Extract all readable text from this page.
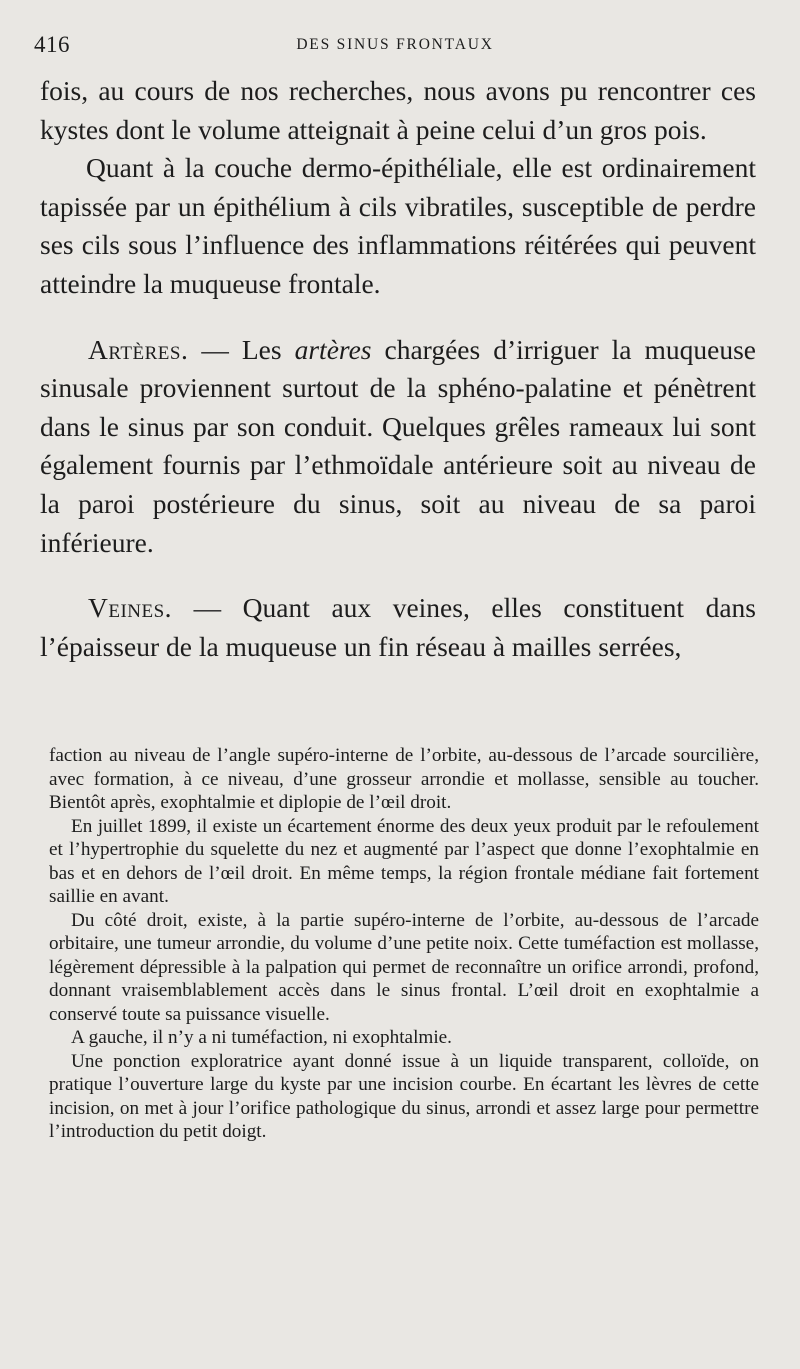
416	DES SINUS FRONTAUX

fois, au cours de nos recherches, nous avons pu rencontrer ces kystes dont le volume atteignait à peine celui d’un gros pois.

Quant à la couche dermo-épithéliale, elle est ordinairement tapissée par un épithélium à cils vibratiles, susceptible de perdre ses cils sous l’influence des inflammations réitérées qui peuvent atteindre la muqueuse frontale.

Artères. — Les artères chargées d’irriguer la muqueuse sinusale proviennent surtout de la sphéno-palatine et pénètrent dans le sinus par son conduit. Quelques grêles rameaux lui sont également fournis par l’ethmoïdale antérieure soit au niveau de la paroi postérieure du sinus, soit au niveau de sa paroi inférieure.

Veines. — Quant aux veines, elles constituent dans l’épaisseur de la muqueuse un fin réseau à mailles serrées,

faction au niveau de l’angle supéro-interne de l’orbite, au-dessous de l’arcade sourcilière, avec formation, à ce niveau, d’une grosseur arrondie et mollasse, sensible au toucher. Bientôt après, exophtalmie et diplopie de l’œil droit.

En juillet 1899, il existe un écartement énorme des deux yeux produit par le refoulement et l’hypertrophie du squelette du nez et augmenté par l’aspect que donne l’exophtalmie en bas et en dehors de l’œil droit. En même temps, la région frontale médiane fait fortement saillie en avant.

Du côté droit, existe, à la partie supéro-interne de l’orbite, au-dessous de l’arcade orbitaire, une tumeur arrondie, du volume d’une petite noix. Cette tuméfaction est mollasse, légèrement dépressible à la palpation qui permet de reconnaître un orifice arrondi, profond, donnant vraisemblablement accès dans le sinus frontal. L’œil droit en exophtalmie a conservé toute sa puissance visuelle.

A gauche, il n’y a ni tuméfaction, ni exophtalmie.

Une ponction exploratrice ayant donné issue à un liquide transparent, colloïde, on pratique l’ouverture large du kyste par une incision courbe. En écartant les lèvres de cette incision, on met à jour l’orifice pathologique du sinus, arrondi et assez large pour permettre l’introduction du petit doigt.
